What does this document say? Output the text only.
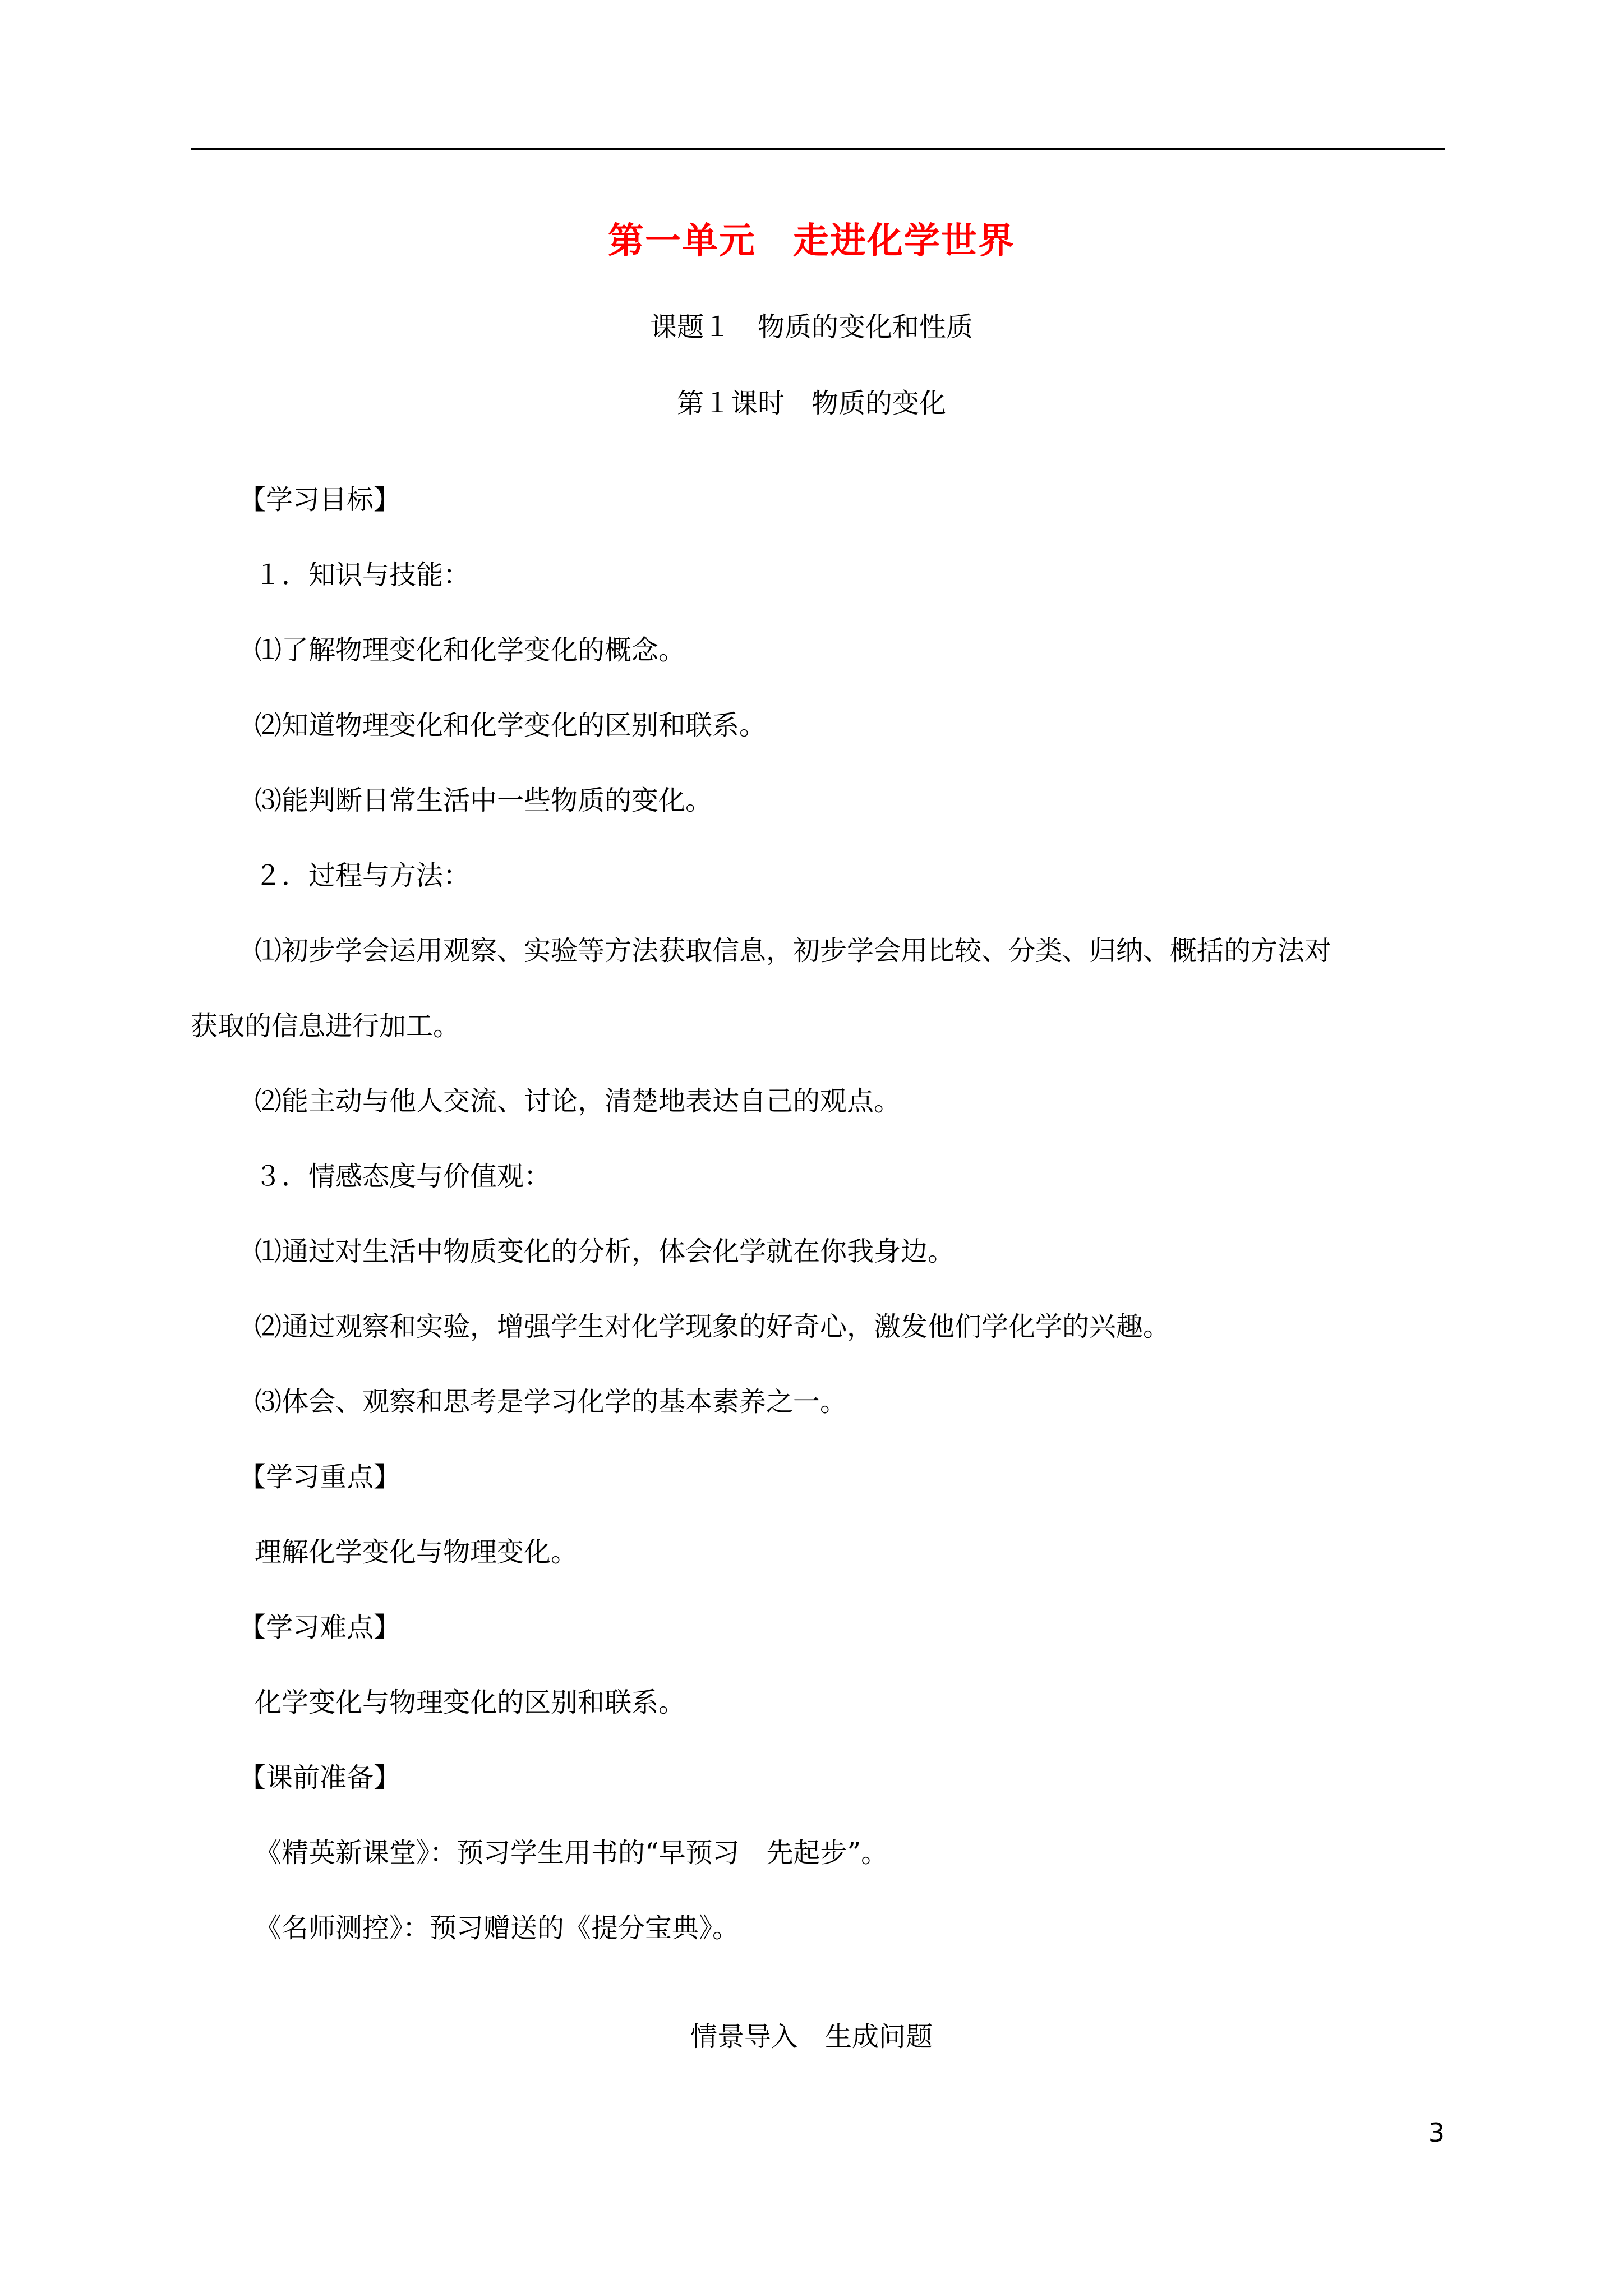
第一单元　走进化学世界
课题１　物质的变化和性质
第１课时　物质的变化

【学习目标】

１．知识与技能：

⑴了解物理变化和化学变化的概念。

⑵知道物理变化和化学变化的区别和联系。

⑶能判断日常生活中一些物质的变化。

２．过程与方法：

⑴初步学会运用观察、实验等方法获取信息，初步学会用比较、分类、归纳、概括的方法对

获取的信息进行加工。

⑵能主动与他人交流、讨论，清楚地表达自己的观点。

３．情感态度与价值观：

⑴通过对生活中物质变化的分析，体会化学就在你我身边。

⑵通过观察和实验，增强学生对化学现象的好奇心，激发他们学化学的兴趣。

⑶体会、观察和思考是学习化学的基本素养之一。

【学习重点】

理解化学变化与物理变化。

【学习难点】

化学变化与物理变化的区别和联系。

【课前准备】

《精英新课堂》：预习学生用书的“早预习　先起步”。

《名师测控》：预习赠送的《提分宝典》。

情景导入　生成问题
3
